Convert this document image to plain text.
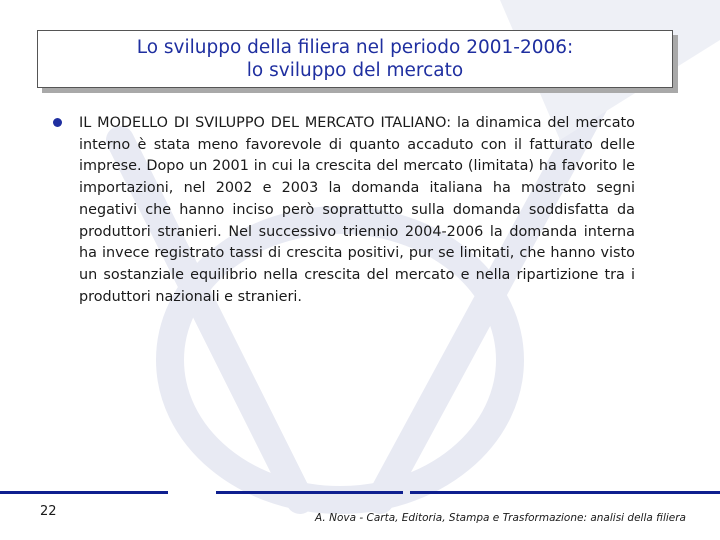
Lo sviluppo della filiera nel periodo 2001-2006:
lo sviluppo del mercato
IL MODELLO DI SVILUPPO DEL MERCATO ITALIANO: la dinamica del mercato interno è stata meno favorevole di quanto accaduto con il fatturato delle imprese. Dopo un 2001 in cui la crescita del mercato (limitata) ha favorito le importazioni, nel 2002 e 2003 la domanda italiana ha mostrato segni negativi che hanno inciso però soprattutto sulla domanda soddisfatta da produttori stranieri. Nel successivo triennio 2004-2006 la domanda interna ha invece registrato tassi di crescita positivi, pur se limitati, che hanno visto un sostanziale equilibrio nella crescita del mercato e nella ripartizione tra i produttori nazionali e stranieri.
22	A. Nova - Carta, Editoria, Stampa e Trasformazione: analisi della filiera
